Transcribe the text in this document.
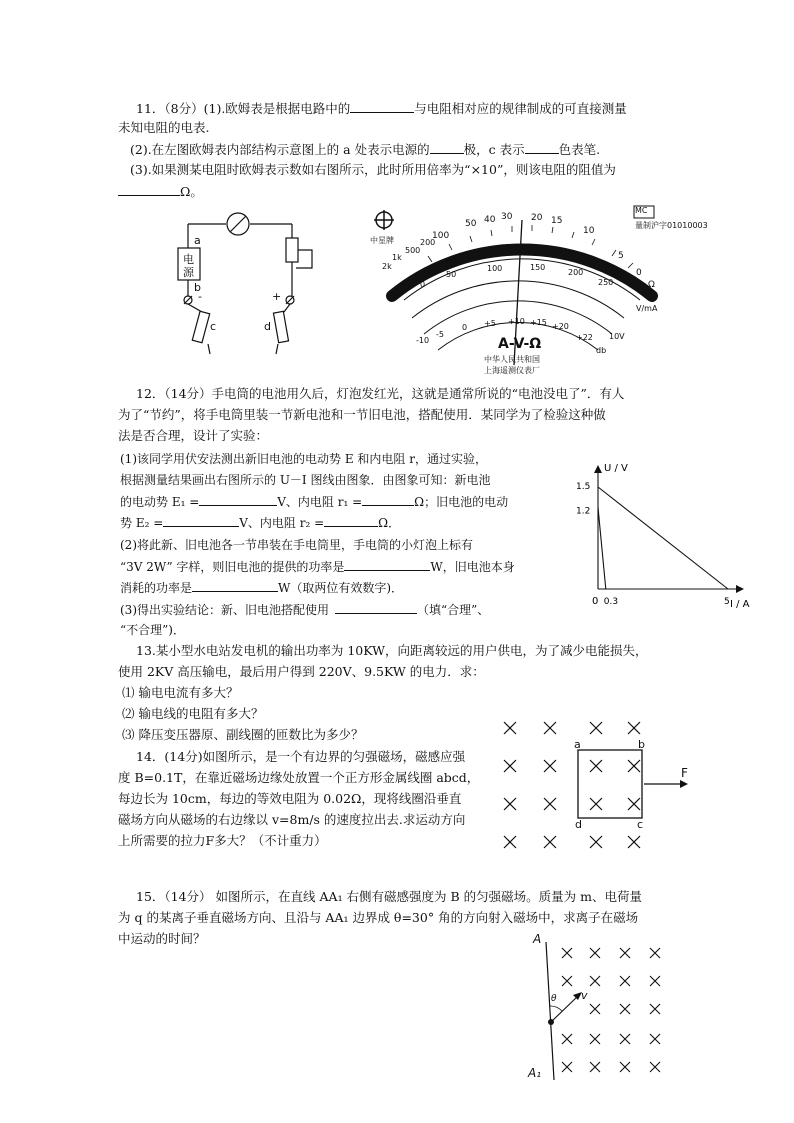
11．（8分）(1).欧姆表是根据电路中的	与电阻相对应的规律制成的可直接测量
未知电阻的电表.
(2).在左图欧姆表内部结构示意图上的 a 处表示电源的	极，c 表示	色表笔.
(3).如果测某电阻时欧姆表示数如右图所示，此时所用倍率为“×10”，则该电阻的阻值为
Ω。
a
b
电
源
-	+
c	d
中星牌
MC
量制沪字01010003
2k
1k
500
200
100
50 40 30 20 15
10
5
0
Ω
0
50
100	150
200
250
V/mA
10V
-10
-5
0 +5 +10 +15 +20
+22
db
A-V-Ω
中华人民共和国
上海遥测仪表厂
12．（14分）手电筒的电池用久后，灯泡发红光，这就是通常所说的“电池没电了”．有人
为了“节约”，将手电筒里装一节新电池和一节旧电池，搭配使用．某同学为了检验这种做
法是否合理，设计了实验：
(1)该同学用伏安法测出新旧电池的电动势 E 和内电阻 r，通过实验，
根据测量结果画出右图所示的 U－I 图线由图象．由图象可知：新电池
的电动势 E₁ =	V、内电阻 r₁ =	Ω；旧电池的电动
势 E₂ =	V、内电阻 r₂ =	Ω．
(2)将此新、旧电池各一节串装在手电筒里，手电筒的小灯泡上标有
“3V 2W” 字样，则旧电池的提供的功率是	W，旧电池本身
消耗的功率是	W（取两位有效数字)．
(3)得出实验结论：新、旧电池搭配使用	（填“合理”、
“不合理”)．
U / V
I / A
0
1.2
1.5
0.3	5
13.某小型水电站发电机的输出功率为 10KW，向距离较远的用户供电，为了减少电能损失，
使用 2KV 高压输电，最后用户得到 220V、9.5KW 的电力．求：
⑴ 输电电流有多大？
⑵ 输电线的电阻有多大？
⑶ 降压变压器原、副线圈的匝数比为多少？
14．(14分)如图所示，是一个有边界的匀强磁场，磁感应强
度 B=0.1T，在靠近磁场边缘处放置一个正方形金属线圈 abcd，
每边长为 10cm，每边的等效电阻为 0.02Ω，现将线圈沿垂直
磁场方向从磁场的右边缘以 v=8m/s 的速度拉出去.求运动方向
上所需要的拉力F多大？（不计重力）
a	b
c
d
F
15．（14分） 如图所示，在直线 AA₁ 右侧有磁感强度为 B 的匀强磁场。质量为 m、电荷量
为 q 的某离子垂直磁场方向、且沿与 AA₁ 边界成 θ=30° 角的方向射入磁场中，求离子在磁场
中运动的时间？	A
A₁
v
θ
